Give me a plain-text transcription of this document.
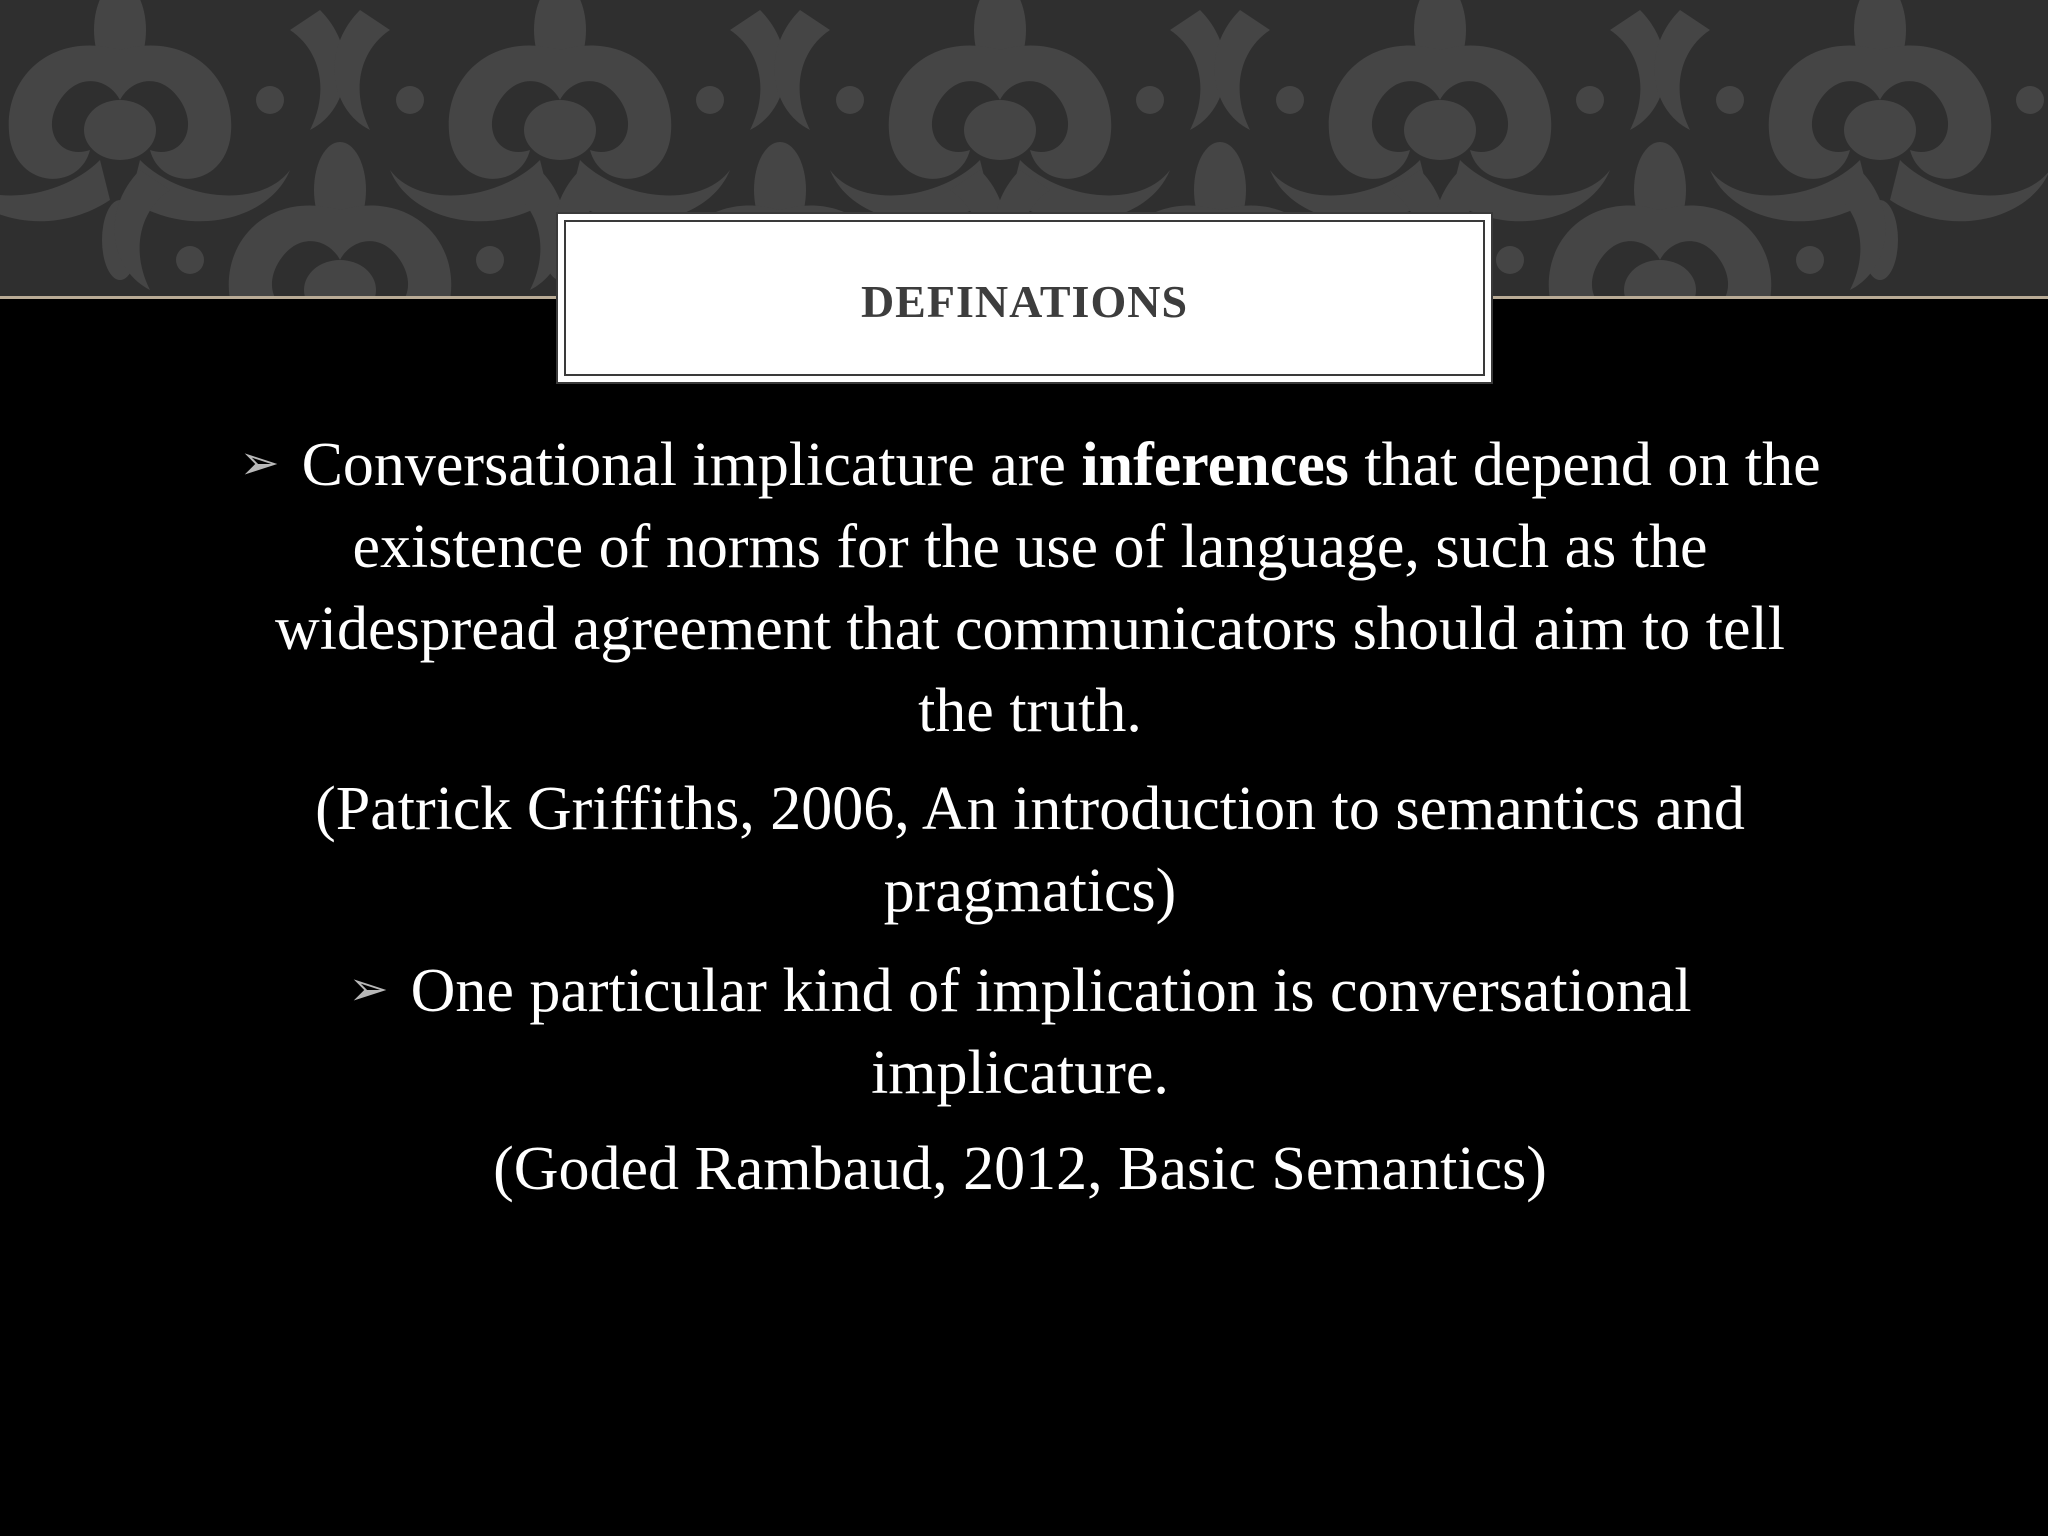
DEFINATIONS
➢ Conversational implicature are inferences that depend on the
existence of norms for the use of language, such as the
widespread agreement that communicators should aim to tell
the truth.
(Patrick Griffiths, 2006, An introduction to semantics and
pragmatics)
➢ One particular kind of implication is conversational
implicature.
(Goded Rambaud, 2012, Basic Semantics)
